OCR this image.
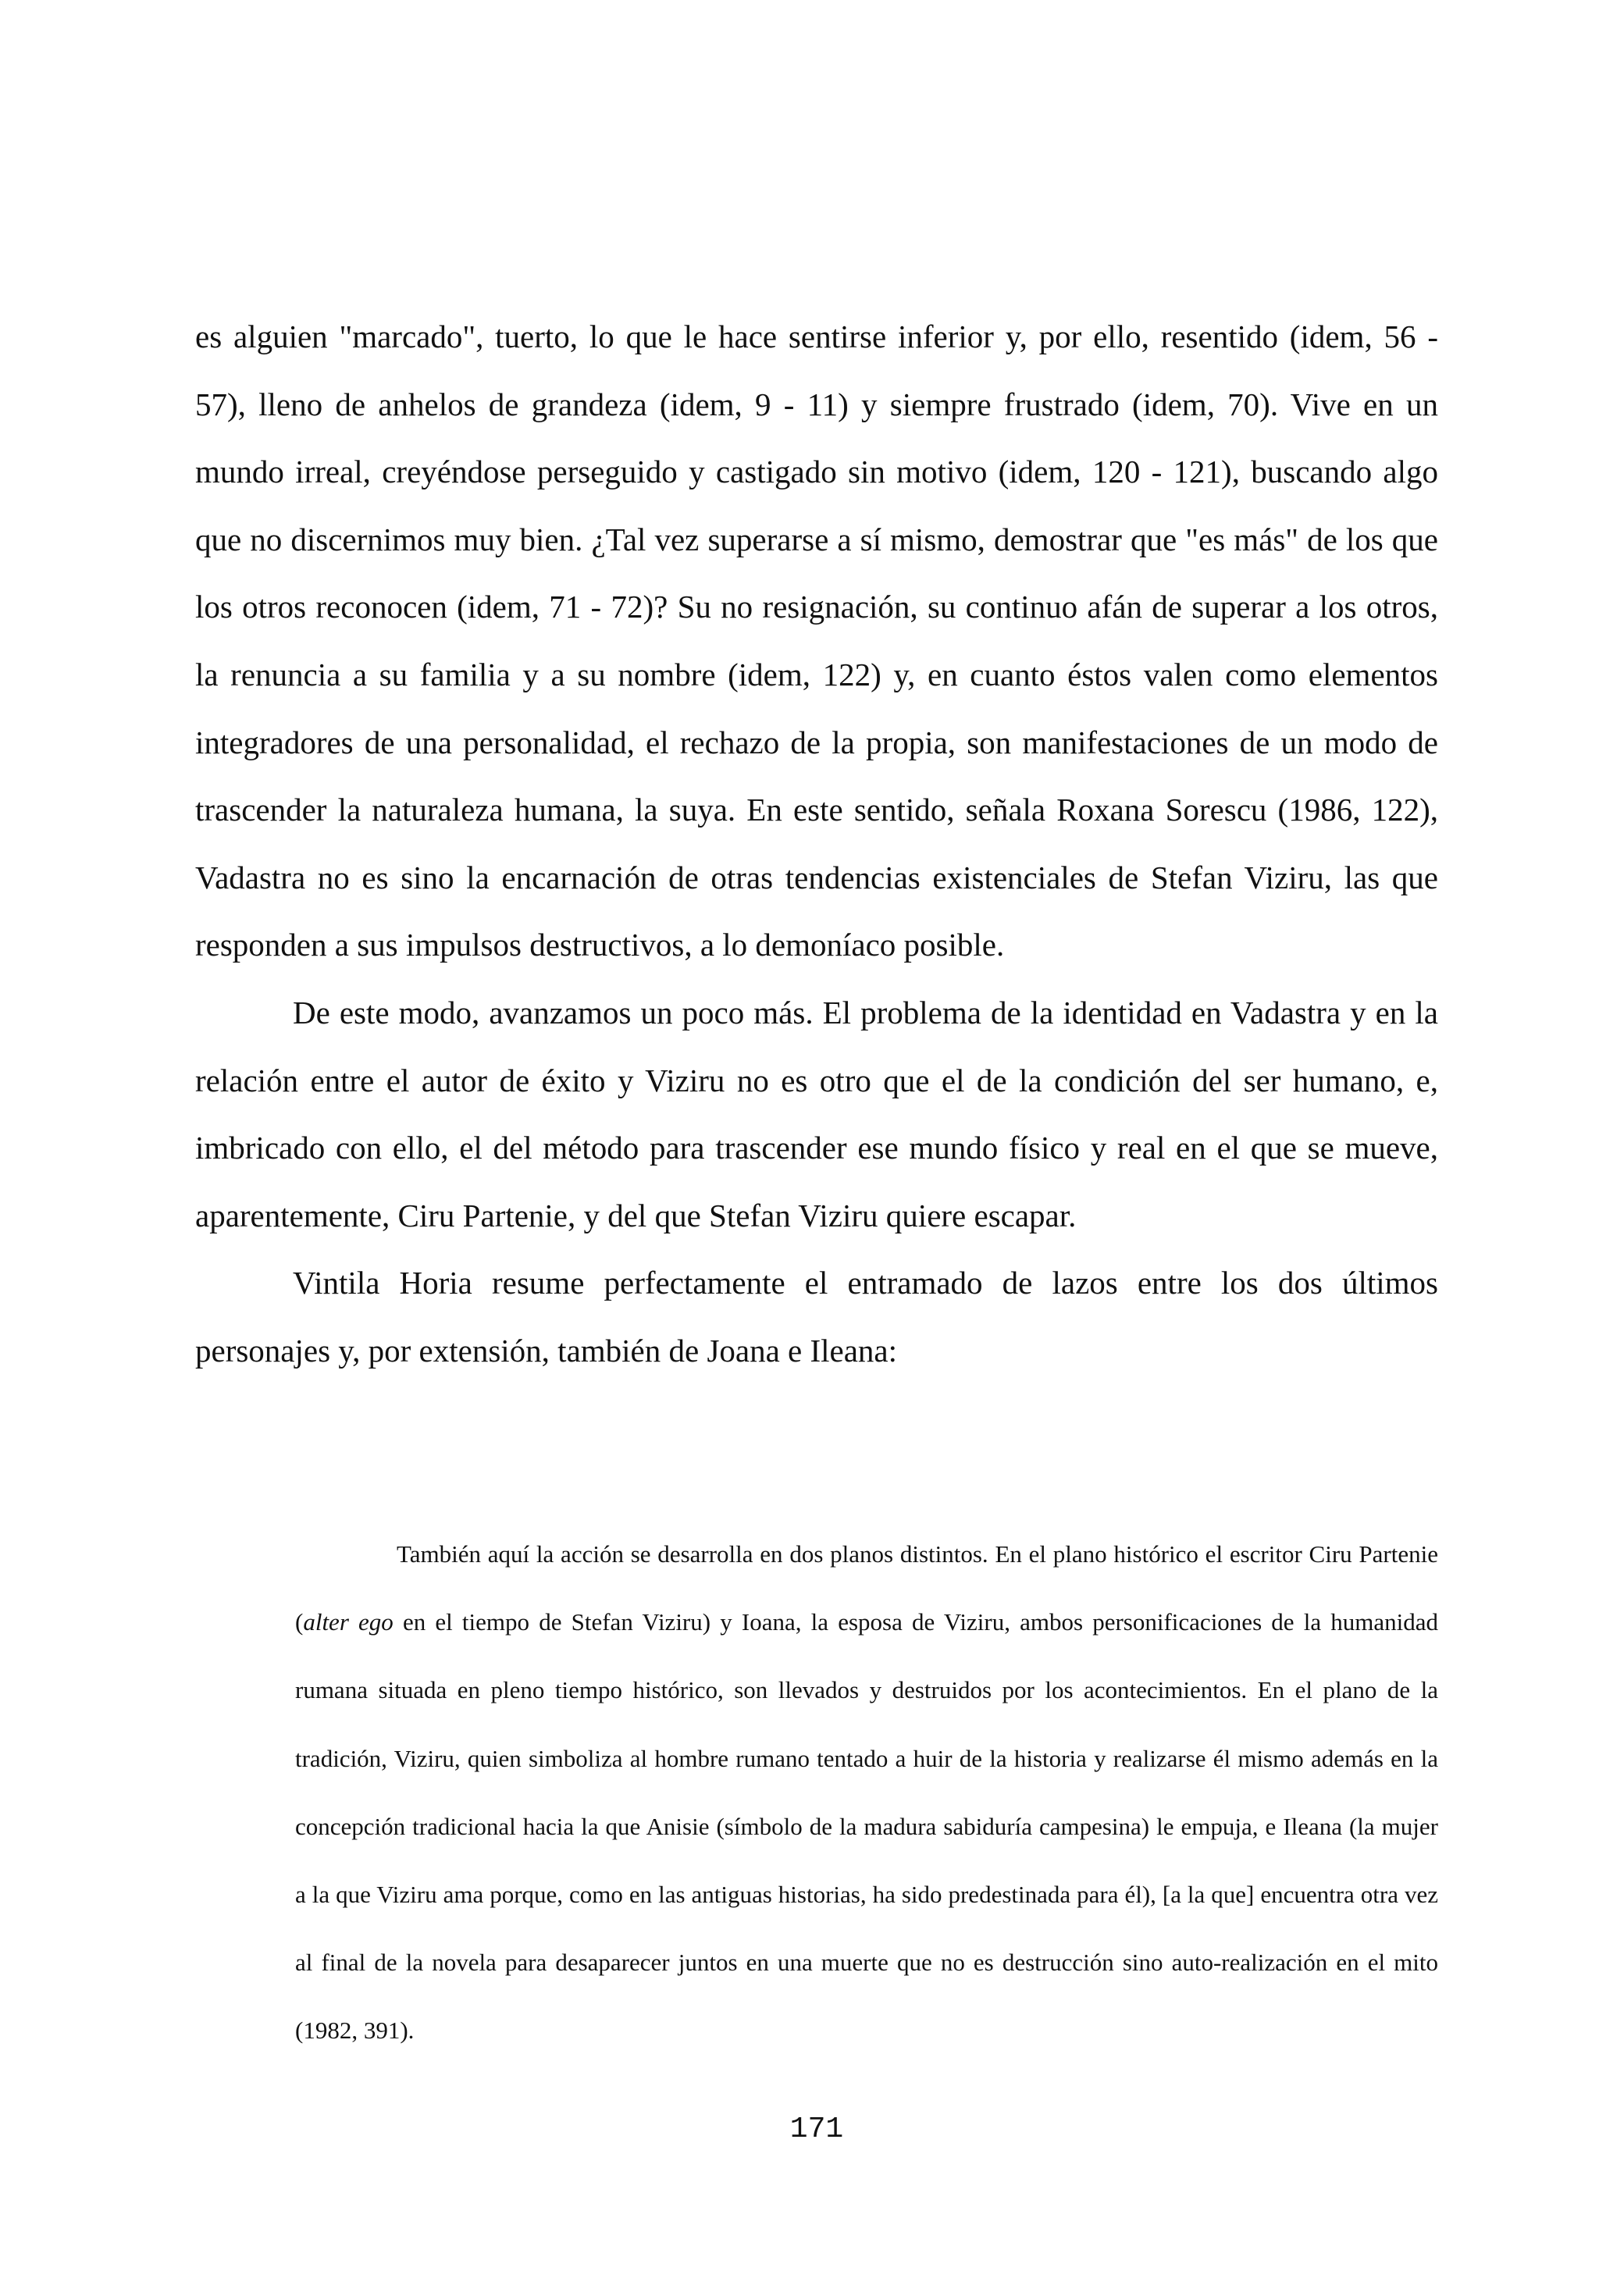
es alguien "marcado", tuerto, lo que le hace sentirse inferior y, por ello, resentido (idem, 56 - 57), lleno de anhelos de grandeza (idem, 9 - 11) y siempre frustrado (idem, 70). Vive en un mundo irreal, creyéndose perseguido y castigado sin motivo (idem, 120 - 121), buscando algo que no discernimos muy bien. ¿Tal vez superarse a sí mismo, demostrar que "es más" de los que los otros reconocen (idem, 71 - 72)? Su no resignación, su continuo afán de superar a los otros, la renuncia a su familia y a su nombre (idem, 122) y, en cuanto éstos valen como elementos integradores de una personalidad, el rechazo de la propia, son manifestaciones de un modo de trascender la naturaleza humana, la suya. En este sentido, señala Roxana Sorescu (1986, 122), Vadastra no es sino la encarnación de otras tendencias existenciales de Stefan Viziru, las que responden a sus impulsos destructivos, a lo demoníaco posible.

De este modo, avanzamos un poco más. El problema de la identidad en Vadastra y en la relación entre el autor de éxito y Viziru no es otro que el de la condición del ser humano, e, imbricado con ello, el del método para trascender ese mundo físico y real en el que se mueve, aparentemente, Ciru Partenie, y del que Stefan Viziru quiere escapar.

Vintila Horia resume perfectamente el entramado de lazos entre los dos últimos personajes y, por extensión, también de Joana e Ileana:

También aquí la acción se desarrolla en dos planos distintos. En el plano histórico el escritor Ciru Partenie (alter ego en el tiempo de Stefan Viziru) y Ioana, la esposa de Viziru, ambos personificaciones de la humanidad rumana situada en pleno tiempo histórico, son llevados y destruidos por los acontecimientos. En el plano de la tradición, Viziru, quien simboliza al hombre rumano tentado a huir de la historia y realizarse él mismo además en la concepción tradicional hacia la que Anisie (símbolo de la madura sabiduría campesina) le empuja, e Ileana (la mujer a la que Viziru ama porque, como en las antiguas historias, ha sido predestinada para él), [a la que] encuentra otra vez al final de la novela para desaparecer juntos en una muerte que no es destrucción sino auto-realización en el mito (1982, 391).

171
